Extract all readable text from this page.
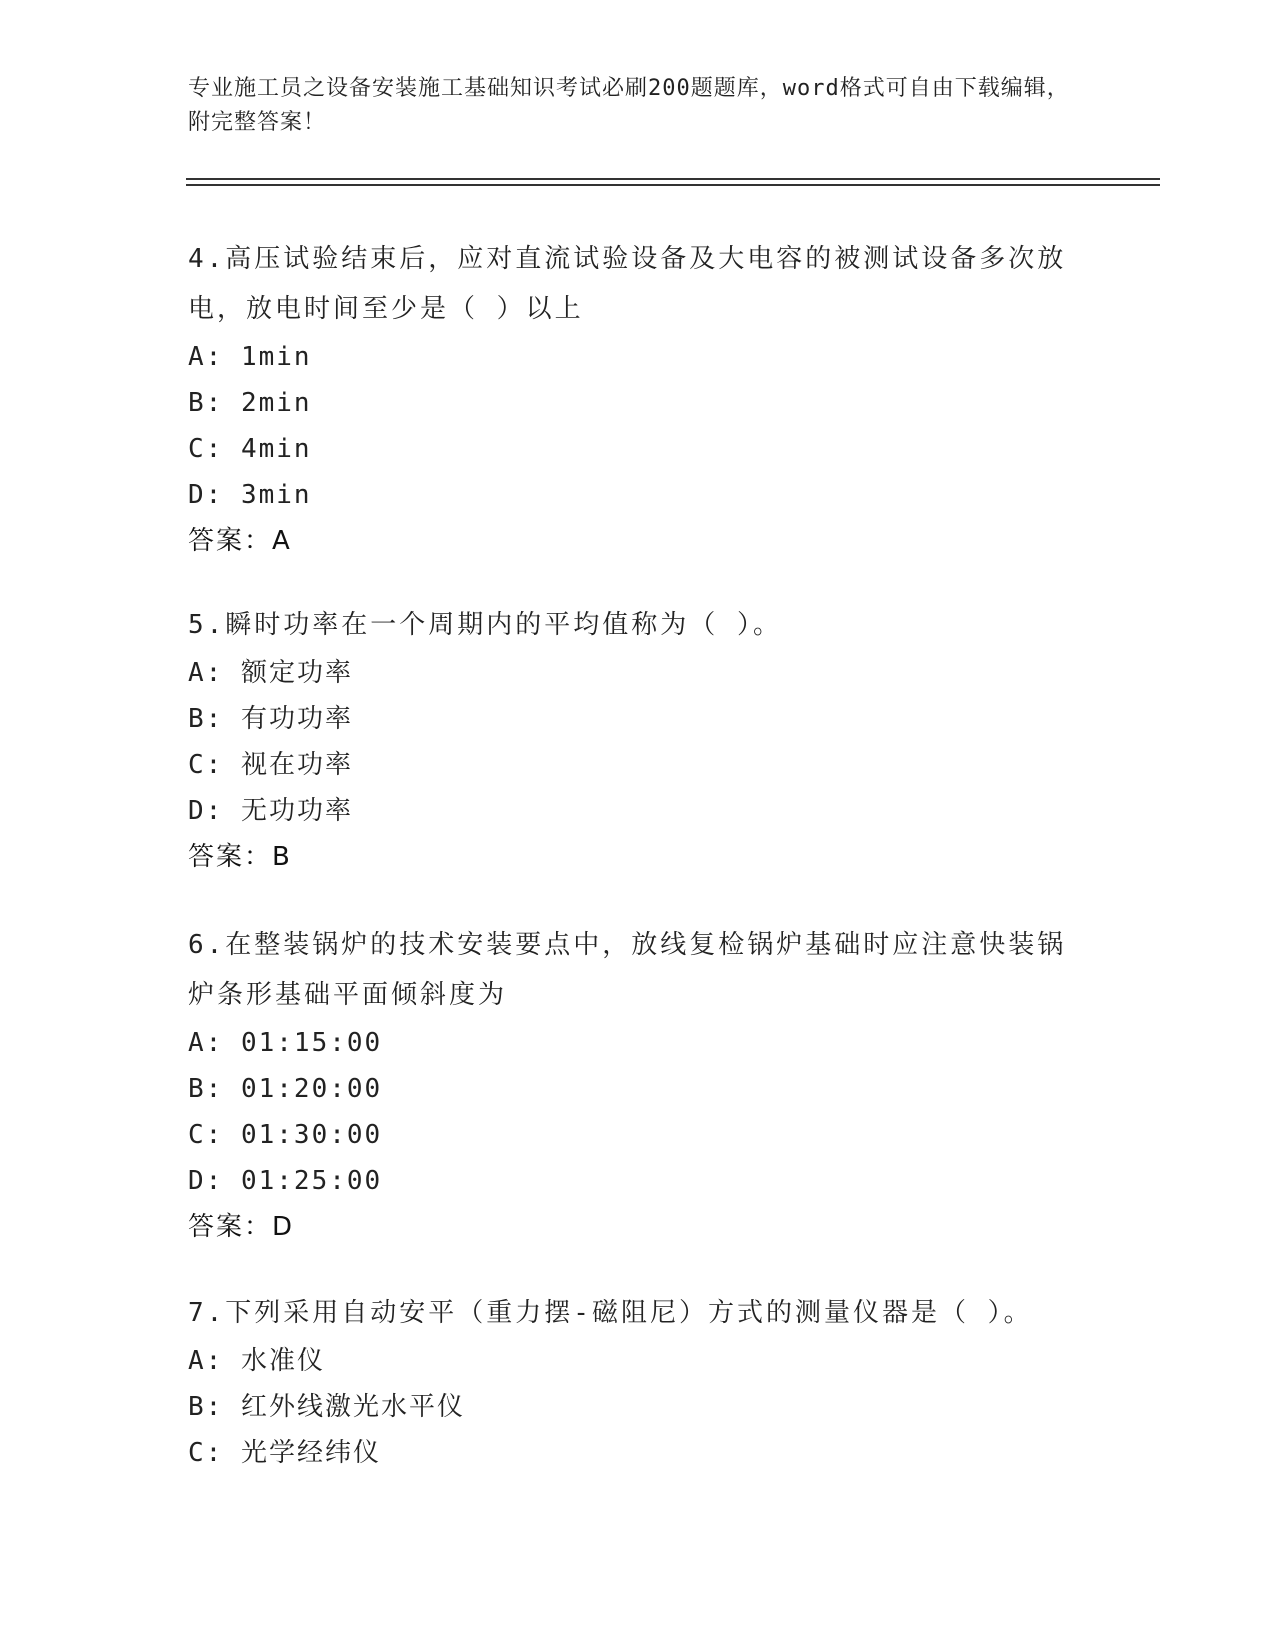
专业施工员之设备安装施工基础知识考试必刷200题题库，word格式可自由下载编辑，附完整答案！

4.高压试验结束后，应对直流试验设备及大电容的被测试设备多次放电，放电时间至少是（ ）以上

A: 1min

B: 2min

C: 4min

D: 3min

答案：A

5.瞬时功率在一个周期内的平均值称为（ ）。

A: 额定功率

B: 有功功率

C: 视在功率

D: 无功功率

答案：B

6.在整装锅炉的技术安装要点中，放线复检锅炉基础时应注意快装锅炉条形基础平面倾斜度为

A: 01:15:00

B: 01:20:00

C: 01:30:00

D: 01:25:00

答案：D

7.下列采用自动安平（重力摆-磁阻尼）方式的测量仪器是（ ）。

A: 水准仪

B: 红外线激光水平仪

C: 光学经纬仪
